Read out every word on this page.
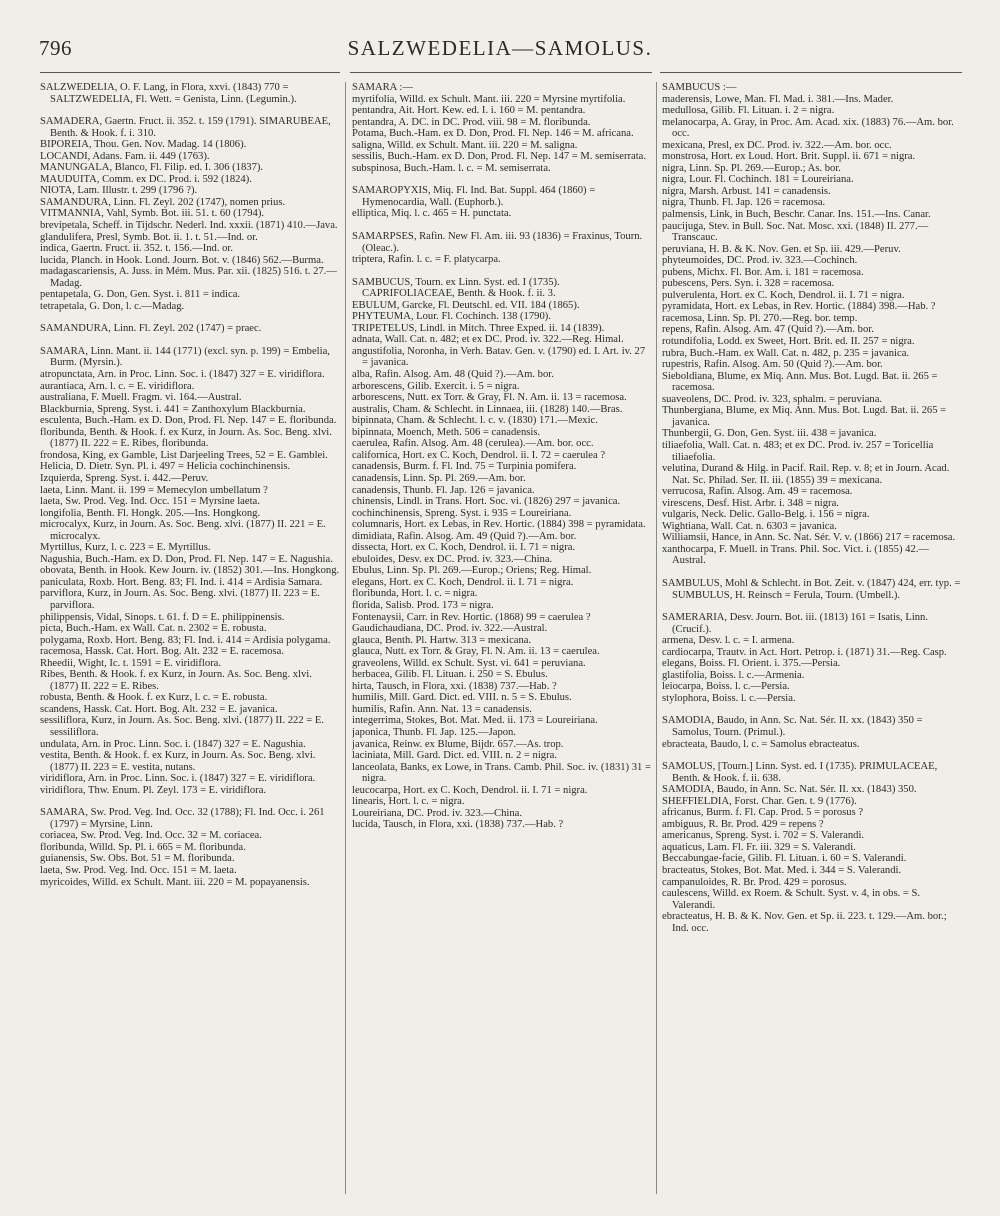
796	SALZWEDELIA—SAMOLUS.

SALZWEDELIA, O. F. Lang, in Flora, xxvi. (1843) 770 = SALTZWEDELIA, Fl. Wett. = Genista, Linn. (Legumin.).

SAMADERA, Gaertn. Fruct. ii. 352. t. 159 (1791). SIMARUBEAE, Benth. & Hook. f. i. 310.

BIPOREIA, Thou. Gen. Nov. Madag. 14 (1806).

LOCANDI, Adans. Fam. ii. 449 (1763).

MANUNGALA, Blanco, Fl. Filip. ed. I. 306 (1837).

MAUDUITA, Comm. ex DC. Prod. i. 592 (1824).

NIOTA, Lam. Illustr. t. 299 (1796 ?).

SAMANDURA, Linn. Fl. Zeyl. 202 (1747), nomen prius.

VITMANNIA, Vahl, Symb. Bot. iii. 51. t. 60 (1794).

brevipetala, Scheff. in Tijdschr. Nederl. Ind. xxxii. (1871) 410.—Java.

glandulifera, Presl, Symb. Bot. ii. 1. t. 51.—Ind. or.

indica, Gaertn. Fruct. ii. 352. t. 156.—Ind. or.

lucida, Planch. in Hook. Lond. Journ. Bot. v. (1846) 562.—Burma.

madagascariensis, A. Juss. in Mém. Mus. Par. xii. (1825) 516. t. 27.—Madag.

pentapetala, G. Don, Gen. Syst. i. 811 = indica.

tetrapetala, G. Don, l. c.—Madag.

SAMANDURA, Linn. Fl. Zeyl. 202 (1747) = praec.

SAMARA, Linn. Mant. ii. 144 (1771) (excl. syn. p. 199) = Embelia, Burm. (Myrsin.).

atropunctata, Arn. in Proc. Linn. Soc. i. (1847) 327 = E. viridiflora.

aurantiaca, Arn. l. c. = E. viridiflora.

australiana, F. Muell. Fragm. vi. 164.—Austral.

Blackburnia, Spreng. Syst. i. 441 = Zanthoxylum Blackburnia.

esculenta, Buch.-Ham. ex D. Don, Prod. Fl. Nep. 147 = E. floribunda.

floribunda, Benth. & Hook. f. ex Kurz, in Journ. As. Soc. Beng. xlvi. (1877) II. 222 = E. Ribes, floribunda.

frondosa, King, ex Gamble, List Darjeeling Trees, 52 = E. Gamblei.

Helicia, D. Dietr. Syn. Pl. i. 497 = Helicia cochinchinensis.

Izquierda, Spreng. Syst. i. 442.—Peruv.

laeta, Linn. Mant. ii. 199 = Memecylon umbellatum ?

laeta, Sw. Prod. Veg. Ind. Occ. 151 = Myrsine laeta.

longifolia, Benth. Fl. Hongk. 205.—Ins. Hongkong.

microcalyx, Kurz, in Journ. As. Soc. Beng. xlvi. (1877) II. 221 = E. microcalyx.

Myrtillus, Kurz, l. c. 223 = E. Myrtillus.

Nagushia, Buch.-Ham. ex D. Don, Prod. Fl. Nep. 147 = E. Nagushia.

obovata, Benth. in Hook. Kew Journ. iv. (1852) 301.—Ins. Hongkong.

paniculata, Roxb. Hort. Beng. 83; Fl. Ind. i. 414 = Ardisia Samara.

parviflora, Kurz, in Journ. As. Soc. Beng. xlvi. (1877) II. 223 = E. parviflora.

philippensis, Vidal, Sinops. t. 61. f. D = E. philippinensis.

picta, Buch.-Ham. ex Wall. Cat. n. 2302 = E. robusta.

polygama, Roxb. Hort. Beng. 83; Fl. Ind. i. 414 = Ardisia polygama.

racemosa, Hassk. Cat. Hort. Bog. Alt. 232 = E. racemosa.

Rheedii, Wight, Ic. t. 1591 = E. viridiflora.

Ribes, Benth. & Hook. f. ex Kurz, in Journ. As. Soc. Beng. xlvi. (1877) II. 222 = E. Ribes.

robusta, Benth. & Hook. f. ex Kurz, l. c. = E. robusta.

scandens, Hassk. Cat. Hort. Bog. Alt. 232 = E. javanica.

sessiliflora, Kurz, in Journ. As. Soc. Beng. xlvi. (1877) II. 222 = E. sessiliflora.

undulata, Arn. in Proc. Linn. Soc. i. (1847) 327 = E. Nagushia.

vestita, Benth. & Hook. f. ex Kurz, in Journ. As. Soc. Beng. xlvi. (1877) II. 223 = E. vestita, nutans.

viridiflora, Arn. in Proc. Linn. Soc. i. (1847) 327 = E. viridiflora.

viridiflora, Thw. Enum. Pl. Zeyl. 173 = E. viridiflora.

SAMARA, Sw. Prod. Veg. Ind. Occ. 32 (1788); Fl. Ind. Occ. i. 261 (1797) = Myrsine, Linn.

coriacea, Sw. Prod. Veg. Ind. Occ. 32 = M. coriacea.

floribunda, Willd. Sp. Pl. i. 665 = M. floribunda.

guianensis, Sw. Obs. Bot. 51 = M. floribunda.

laeta, Sw. Prod. Veg. Ind. Occ. 151 = M. laeta.

myricoides, Willd. ex Schult. Mant. iii. 220 = M. popayanensis.

SAMARA :—

myrtifolia, Willd. ex Schult. Mant. iii. 220 = Myrsine myrtifolia.

pentandra, Ait. Hort. Kew. ed. I. i. 160 = M. pentandra.

pentandra, A. DC. in DC. Prod. viii. 98 = M. floribunda.

Potama, Buch.-Ham. ex D. Don, Prod. Fl. Nep. 146 = M. africana.

saligna, Willd. ex Schult. Mant. iii. 220 = M. saligna.

sessilis, Buch.-Ham. ex D. Don, Prod. Fl. Nep. 147 = M. semiserrata.

subspinosa, Buch.-Ham. l. c. = M. semiserrata.

SAMAROPYXIS, Miq. Fl. Ind. Bat. Suppl. 464 (1860) = Hymenocardia, Wall. (Euphorb.).

elliptica, Miq. l. c. 465 = H. punctata.

SAMARPSES, Rafin. New Fl. Am. iii. 93 (1836) = Fraxinus, Tourn. (Oleac.).

triptera, Rafin. l. c. = F. platycarpa.

SAMBUCUS, Tourn. ex Linn. Syst. ed. I (1735). CAPRIFOLIACEAE, Benth. & Hook. f. ii. 3.

EBULUM, Garcke, Fl. Deutschl. ed. VII. 184 (1865).

PHYTEUMA, Lour. Fl. Cochinch. 138 (1790).

TRIPETELUS, Lindl. in Mitch. Three Exped. ii. 14 (1839).

adnata, Wall. Cat. n. 482; et ex DC. Prod. iv. 322.—Reg. Himal.

angustifolia, Noronha, in Verh. Batav. Gen. v. (1790) ed. I. Art. iv. 27 = javanica.

alba, Rafin. Alsog. Am. 48 (Quid ?).—Am. bor.

arborescens, Gilib. Exercit. i. 5 = nigra.

arborescens, Nutt. ex Torr. & Gray, Fl. N. Am. ii. 13 = racemosa.

australis, Cham. & Schlecht. in Linnaea, iii. (1828) 140.—Bras.

bipinnata, Cham. & Schlecht. l. c. v. (1830) 171.—Mexic.

bipinnata, Moench, Meth. 506 = canadensis.

caerulea, Rafin. Alsog. Am. 48 (cerulea).—Am. bor. occ.

californica, Hort. ex C. Koch, Dendrol. ii. I. 72 = caerulea ?

canadensis, Burm. f. Fl. Ind. 75 = Turpinia pomifera.

canadensis, Linn. Sp. Pl. 269.—Am. bor.

canadensis, Thunb. Fl. Jap. 126 = javanica.

chinensis, Lindl. in Trans. Hort. Soc. vi. (1826) 297 = javanica.

cochinchinensis, Spreng. Syst. i. 935 = Loureiriana.

columnaris, Hort. ex Lebas, in Rev. Hortic. (1884) 398 = pyramidata.

dimidiata, Rafin. Alsog. Am. 49 (Quid ?).—Am. bor.

dissecta, Hort. ex C. Koch, Dendrol. ii. I. 71 = nigra.

ebuloides, Desv. ex DC. Prod. iv. 323.—China.

Ebulus, Linn. Sp. Pl. 269.—Europ.; Oriens; Reg. Himal.

elegans, Hort. ex C. Koch, Dendrol. ii. I. 71 = nigra.

floribunda, Hort. l. c. = nigra.

florida, Salisb. Prod. 173 = nigra.

Fontenaysii, Carr. in Rev. Hortic. (1868) 99 = caerulea ?

Gaudichaudiana, DC. Prod. iv. 322.—Austral.

glauca, Benth. Pl. Hartw. 313 = mexicana.

glauca, Nutt. ex Torr. & Gray, Fl. N. Am. ii. 13 = caerulea.

graveolens, Willd. ex Schult. Syst. vi. 641 = peruviana.

herbacea, Gilib. Fl. Lituan. i. 250 = S. Ebulus.

hirta, Tausch, in Flora, xxi. (1838) 737.—Hab. ?

humilis, Mill. Gard. Dict. ed. VIII. n. 5 = S. Ebulus.

humilis, Rafin. Ann. Nat. 13 = canadensis.

integerrima, Stokes, Bot. Mat. Med. ii. 173 = Loureiriana.

japonica, Thunb. Fl. Jap. 125.—Japon.

javanica, Reinw. ex Blume, Bijdr. 657.—As. trop.

laciniata, Mill. Gard. Dict. ed. VIII. n. 2 = nigra.

lanceolata, Banks, ex Lowe, in Trans. Camb. Phil. Soc. iv. (1831) 31 = nigra.

leucocarpa, Hort. ex C. Koch, Dendrol. ii. I. 71 = nigra.

linearis, Hort. l. c. = nigra.

Loureiriana, DC. Prod. iv. 323.—China.

lucida, Tausch, in Flora, xxi. (1838) 737.—Hab. ?

SAMBUCUS :—

maderensis, Lowe, Man. Fl. Mad. i. 381.—Ins. Mader.

medullosa, Gilib. Fl. Lituan. i. 2 = nigra.

melanocarpa, A. Gray, in Proc. Am. Acad. xix. (1883) 76.—Am. bor. occ.

mexicana, Presl, ex DC. Prod. iv. 322.—Am. bor. occ.

monstrosa, Hort. ex Loud. Hort. Brit. Suppl. ii. 671 = nigra.

nigra, Linn. Sp. Pl. 269.—Europ.; As. bor.

nigra, Lour. Fl. Cochinch. 181 = Loureiriana.

nigra, Marsh. Arbust. 141 = canadensis.

nigra, Thunb. Fl. Jap. 126 = racemosa.

palmensis, Link, in Buch, Beschr. Canar. Ins. 151.—Ins. Canar.

paucijuga, Stev. in Bull. Soc. Nat. Mosc. xxi. (1848) II. 277.—Transcauc.

peruviana, H. B. & K. Nov. Gen. et Sp. iii. 429.—Peruv.

phyteumoides, DC. Prod. iv. 323.—Cochinch.

pubens, Michx. Fl. Bor. Am. i. 181 = racemosa.

pubescens, Pers. Syn. i. 328 = racemosa.

pulverulenta, Hort. ex C. Koch, Dendrol. ii. I. 71 = nigra.

pyramidata, Hort. ex Lebas, in Rev. Hortic. (1884) 398.—Hab. ?

racemosa, Linn. Sp. Pl. 270.—Reg. bor. temp.

repens, Rafin. Alsog. Am. 47 (Quid ?).—Am. bor.

rotundifolia, Lodd. ex Sweet, Hort. Brit. ed. II. 257 = nigra.

rubra, Buch.-Ham. ex Wall. Cat. n. 482, p. 235 = javanica.

rupestris, Rafin. Alsog. Am. 50 (Quid ?).—Am. bor.

Sieboldiana, Blume, ex Miq. Ann. Mus. Bot. Lugd. Bat. ii. 265 = racemosa.

suaveolens, DC. Prod. iv. 323, sphalm. = peruviana.

Thunbergiana, Blume, ex Miq. Ann. Mus. Bot. Lugd. Bat. ii. 265 = javanica.

Thunbergii, G. Don, Gen. Syst. iii. 438 = javanica.

tiliaefolia, Wall. Cat. n. 483; et ex DC. Prod. iv. 257 = Toricellia tiliaefolia.

velutina, Durand & Hilg. in Pacif. Rail. Rep. v. 8; et in Journ. Acad. Nat. Sc. Philad. Ser. II. iii. (1855) 39 = mexicana.

verrucosa, Rafin. Alsog. Am. 49 = racemosa.

virescens, Desf. Hist. Arbr. i. 348 = nigra.

vulgaris, Neck. Delic. Gallo-Belg. i. 156 = nigra.

Wightiana, Wall. Cat. n. 6303 = javanica.

Williamsii, Hance, in Ann. Sc. Nat. Sér. V. v. (1866) 217 = racemosa.

xanthocarpa, F. Muell. in Trans. Phil. Soc. Vict. i. (1855) 42.—Austral.

SAMBULUS, Mohl & Schlecht. in Bot. Zeit. v. (1847) 424, err. typ. = SUMBULUS, H. Reinsch = Ferula, Tourn. (Umbell.).

SAMERARIA, Desv. Journ. Bot. iii. (1813) 161 = Isatis, Linn. (Crucif.).

armena, Desv. l. c. = I. armena.

cardiocarpa, Trautv. in Act. Hort. Petrop. i. (1871) 31.—Reg. Casp.

elegans, Boiss. Fl. Orient. i. 375.—Persia.

glastifolia, Boiss. l. c.—Armenia.

leiocarpa, Boiss. l. c.—Persia.

stylophora, Boiss. l. c.—Persia.

SAMODIA, Baudo, in Ann. Sc. Nat. Sér. II. xx. (1843) 350 = Samolus, Tourn. (Primul.).

ebracteata, Baudo, l. c. = Samolus ebracteatus.

SAMOLUS, [Tourn.] Linn. Syst. ed. I (1735). PRIMULACEAE, Benth. & Hook. f. ii. 638.

SAMODIA, Baudo, in Ann. Sc. Nat. Sér. II. xx. (1843) 350.

SHEFFIELDIA, Forst. Char. Gen. t. 9 (1776).

africanus, Burm. f. Fl. Cap. Prod. 5 = porosus ?

ambiguus, R. Br. Prod. 429 = repens ?

americanus, Spreng. Syst. i. 702 = S. Valerandi.

aquaticus, Lam. Fl. Fr. iii. 329 = S. Valerandi.

Beccabungae-facie, Gilib. Fl. Lituan. i. 60 = S. Valerandi.

bracteatus, Stokes, Bot. Mat. Med. i. 344 = S. Valerandi.

campanuloides, R. Br. Prod. 429 = porosus.

caulescens, Willd. ex Roem. & Schult. Syst. v. 4, in obs. = S. Valerandi.

ebracteatus, H. B. & K. Nov. Gen. et Sp. ii. 223. t. 129.—Am. bor.; Ind. occ.
